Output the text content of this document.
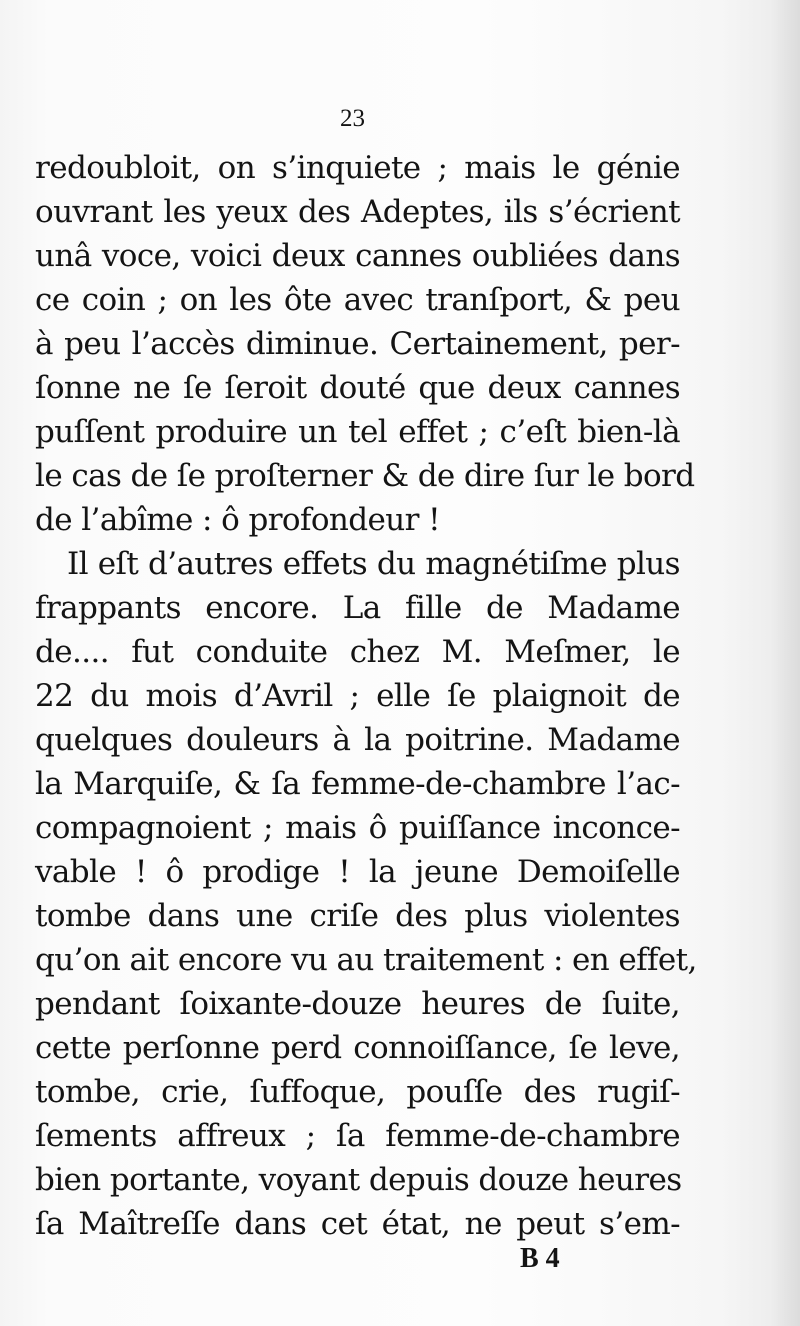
23
redoubloit, on s’inquiete ; mais le génie
ouvrant les yeux des Adeptes, ils s’écrient
unâ voce, voici deux cannes oubliées dans
ce coin ; on les ôte avec tranſport, & peu
à peu l’accès diminue. Certainement, per-
ſonne ne ſe ſeroit douté que deux cannes
puſſent produire un tel effet ; c’eſt bien-là
le cas de ſe proſterner & de dire ſur le bord
de l’abîme : ô profondeur !
Il eſt d’autres effets du magnétiſme plus
frappants encore. La fille de Madame
de.... fut conduite chez M. Meſmer, le
22 du mois d’Avril ; elle ſe plaignoit de
quelques douleurs à la poitrine. Madame
la Marquiſe, & ſa femme-de-chambre l’ac-
compagnoient ; mais ô puiſſance inconce-
vable ! ô prodige ! la jeune Demoiſelle
tombe dans une criſe des plus violentes
qu’on ait encore vu au traitement : en effet,
pendant ſoixante-douze heures de ſuite,
cette perſonne perd connoiſſance, ſe leve,
tombe, crie, ſuffoque, pouſſe des rugiſ-
ſements affreux ; ſa femme-de-chambre
bien portante, voyant depuis douze heures
ſa Maîtreſſe dans cet état, ne peut s’em-
B 4
